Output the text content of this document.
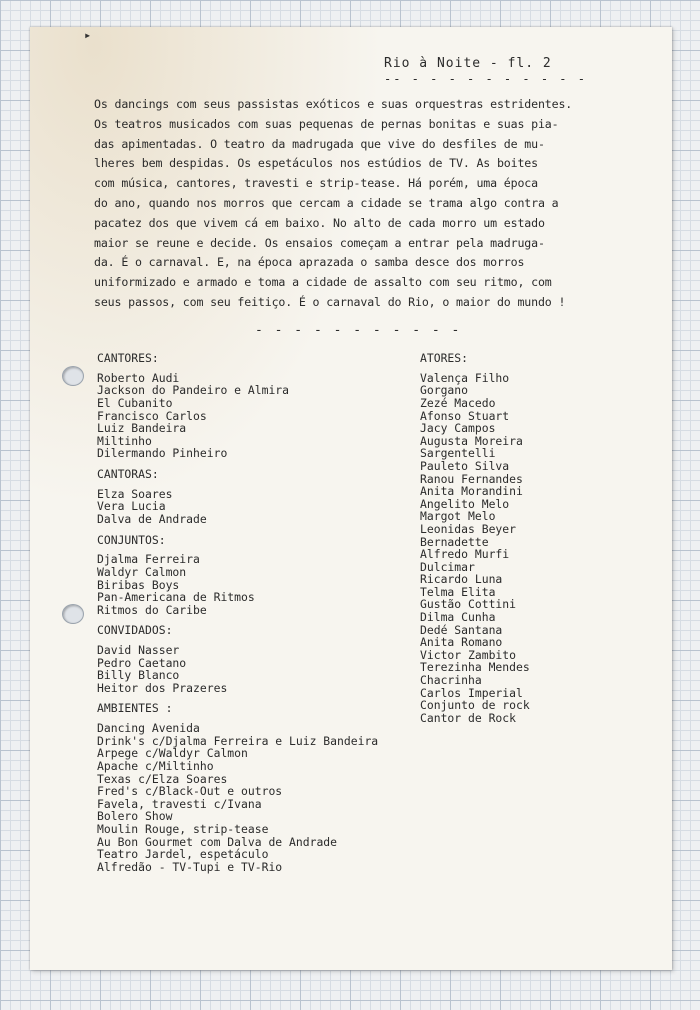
▸
Rio à Noite - fl. 2
-- - - - - - - - - - -
Os dancings com seus passistas exóticos e suas orquestras estridentes.
Os teatros musicados com suas pequenas de pernas bonitas e suas pia-
das apimentadas. O teatro da madrugada que vive do desfiles de mu-
lheres bem despidas. Os espetáculos nos estúdios de TV. As boites
com música, cantores, travesti e strip-tease. Há porém, uma época
do ano, quando nos morros que cercam a cidade se trama algo contra a
pacatez dos que vivem cá em baixo. No alto de cada morro um estado
maior se reune e decide. Os ensaios começam a entrar pela madruga-
da. É o carnaval. E, na época aprazada o samba desce dos morros
uniformizado e armado e toma a cidade de assalto com seu ritmo, com
seus passos, com seu feitiço. É o carnaval do Rio, o maior do mundo !
- - - - - - - - - - -
CANTORES:
Roberto Audi
Jackson do Pandeiro e Almira
El Cubanito
Francisco Carlos
Luiz Bandeira
Miltinho
Dilermando Pinheiro
CANTORAS:
Elza Soares
Vera Lucia
Dalva de Andrade
CONJUNTOS:
Djalma Ferreira
Waldyr Calmon
Biribas Boys
Pan-Americana de Ritmos
Ritmos do Caribe
CONVIDADOS:
David Nasser
Pedro Caetano
Billy Blanco
Heitor dos Prazeres
AMBIENTES :
Dancing Avenida
Drink's c/Djalma Ferreira e Luiz Bandeira
Arpege c/Waldyr Calmon
Apache c/Miltinho
Texas c/Elza Soares
Fred's c/Black-Out e outros
Favela, travesti c/Ivana
Bolero Show
Moulin Rouge, strip-tease
Au Bon Gourmet com Dalva de Andrade
Teatro Jardel, espetáculo
Alfredão - TV-Tupi e TV-Rio
ATORES:
Valença Filho
Gorgano
Zezé Macedo
Afonso Stuart
Jacy Campos
Augusta Moreira
Sargentelli
Pauleto Silva
Ranou Fernandes
Anita Morandini
Angelito Melo
Margot Melo
Leonidas Beyer
Bernadette
Alfredo Murfi
Dulcimar
Ricardo Luna
Telma Elita
Gustão Cottini
Dilma Cunha
Dedé Santana
Anita Romano
Victor Zambito
Terezinha Mendes
Chacrinha
Carlos Imperial
Conjunto de rock
Cantor de Rock
